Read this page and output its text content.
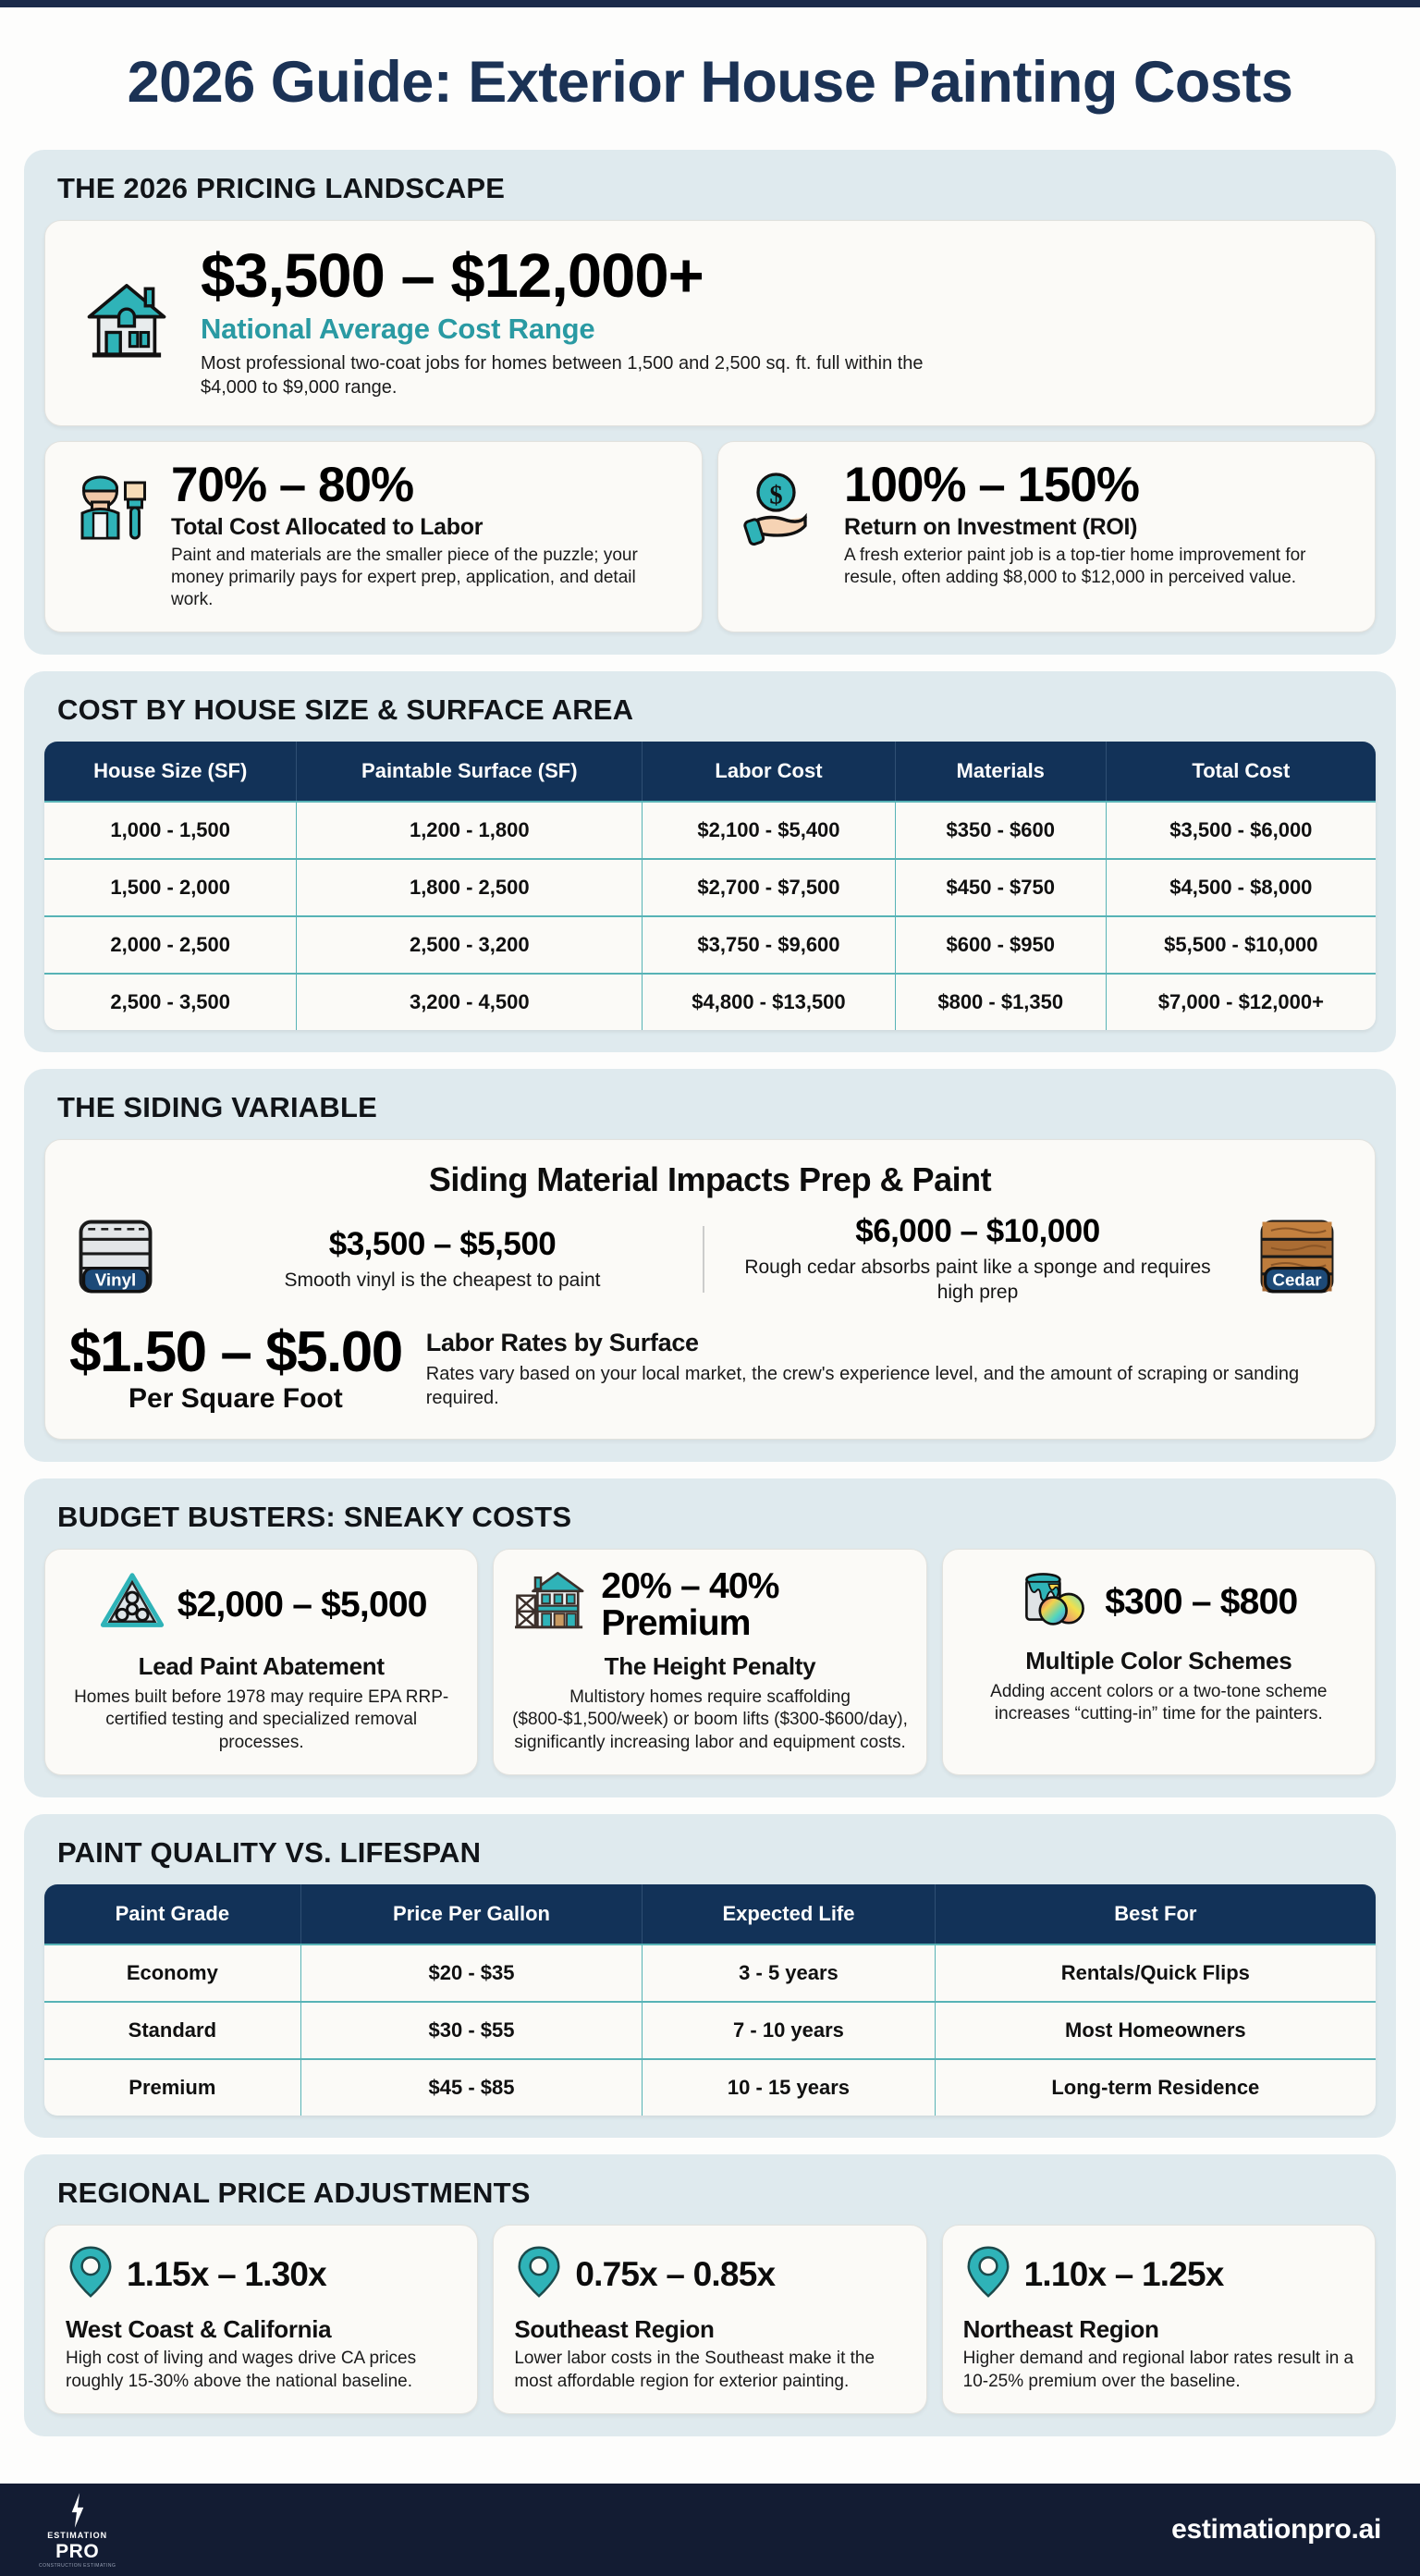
2026 Guide: Exterior House Painting Costs
THE 2026 PRICING LANDSCAPE
$3,500 – $12,000+
National Average Cost Range
Most professional two-coat jobs for homes between 1,500 and 2,500 sq. ft. full within the $4,000 to $9,000 range.
70% – 80%
Total Cost Allocated to Labor
Paint and materials are the smaller piece of the puzzle; your money primarily pays for expert prep, application, and detail work.
$ 100% – 150%
Return on Investment (ROI)
A fresh exterior paint job is a top-tier home improvement for resule, often adding $8,000 to $12,000 in perceived value.
COST BY HOUSE SIZE & SURFACE AREA
House Size (SF)	Paintable Surface (SF)	Labor Cost	Materials	Total Cost
1,000 - 1,500	1,200 - 1,800	$2,100 - $5,400	$350 - $600	$3,500 - $6,000
1,500 - 2,000	1,800 - 2,500	$2,700 - $7,500	$450 - $750	$4,500 - $8,000
2,000 - 2,500	2,500 - 3,200	$3,750 - $9,600	$600 - $950	$5,500 - $10,000
2,500 - 3,500	3,200 - 4,500	$4,800 - $13,500	$800 - $1,350	$7,000 - $12,000+
THE SIDING VARIABLE
Siding Material Impacts Prep & Paint
Vinyl
$3,500 – $5,500
Smooth vinyl is the cheapest to paint
$6,000 – $10,000
Rough cedar absorbs paint like a sponge and requires high prep
Cedar
$1.50 – $5.00
Per Square Foot
Labor Rates by Surface
Rates vary based on your local market, the crew's experience level, and the amount of scraping or sanding required.
BUDGET BUSTERS: SNEAKY COSTS
$2,000 – $5,000
Lead Paint Abatement
Homes built before 1978 may require EPA RRP-certified testing and specialized removal processes.
20% – 40% Premium
The Height Penalty
Multistory homes require scaffolding ($800-$1,500/week) or boom lifts ($300-$600/day), significantly increasing labor and equipment costs.
$300 – $800
Multiple Color Schemes
Adding accent colors or a two-tone scheme increases “cutting-in” time for the painters.
PAINT QUALITY VS. LIFESPAN
Paint Grade	Price Per Gallon	Expected Life	Best For
Economy	$20 - $35	3 - 5 years	Rentals/Quick Flips
Standard	$30 - $55	7 - 10 years	Most Homeowners
Premium	$45 - $85	10 - 15 years	Long-term Residence
REGIONAL PRICE ADJUSTMENTS
1.15x – 1.30x
West Coast & California
High cost of living and wages drive CA prices roughly 15-30% above the national baseline.
0.75x – 0.85x
Southeast Region
Lower labor costs in the Southeast make it the most affordable region for exterior painting.
1.10x – 1.25x
Northeast Region
Higher demand and regional labor rates result in a 10-25% premium over the baseline.
ESTIMATION
PRO
CONSTRUCTION ESTIMATING
estimationpro.ai
